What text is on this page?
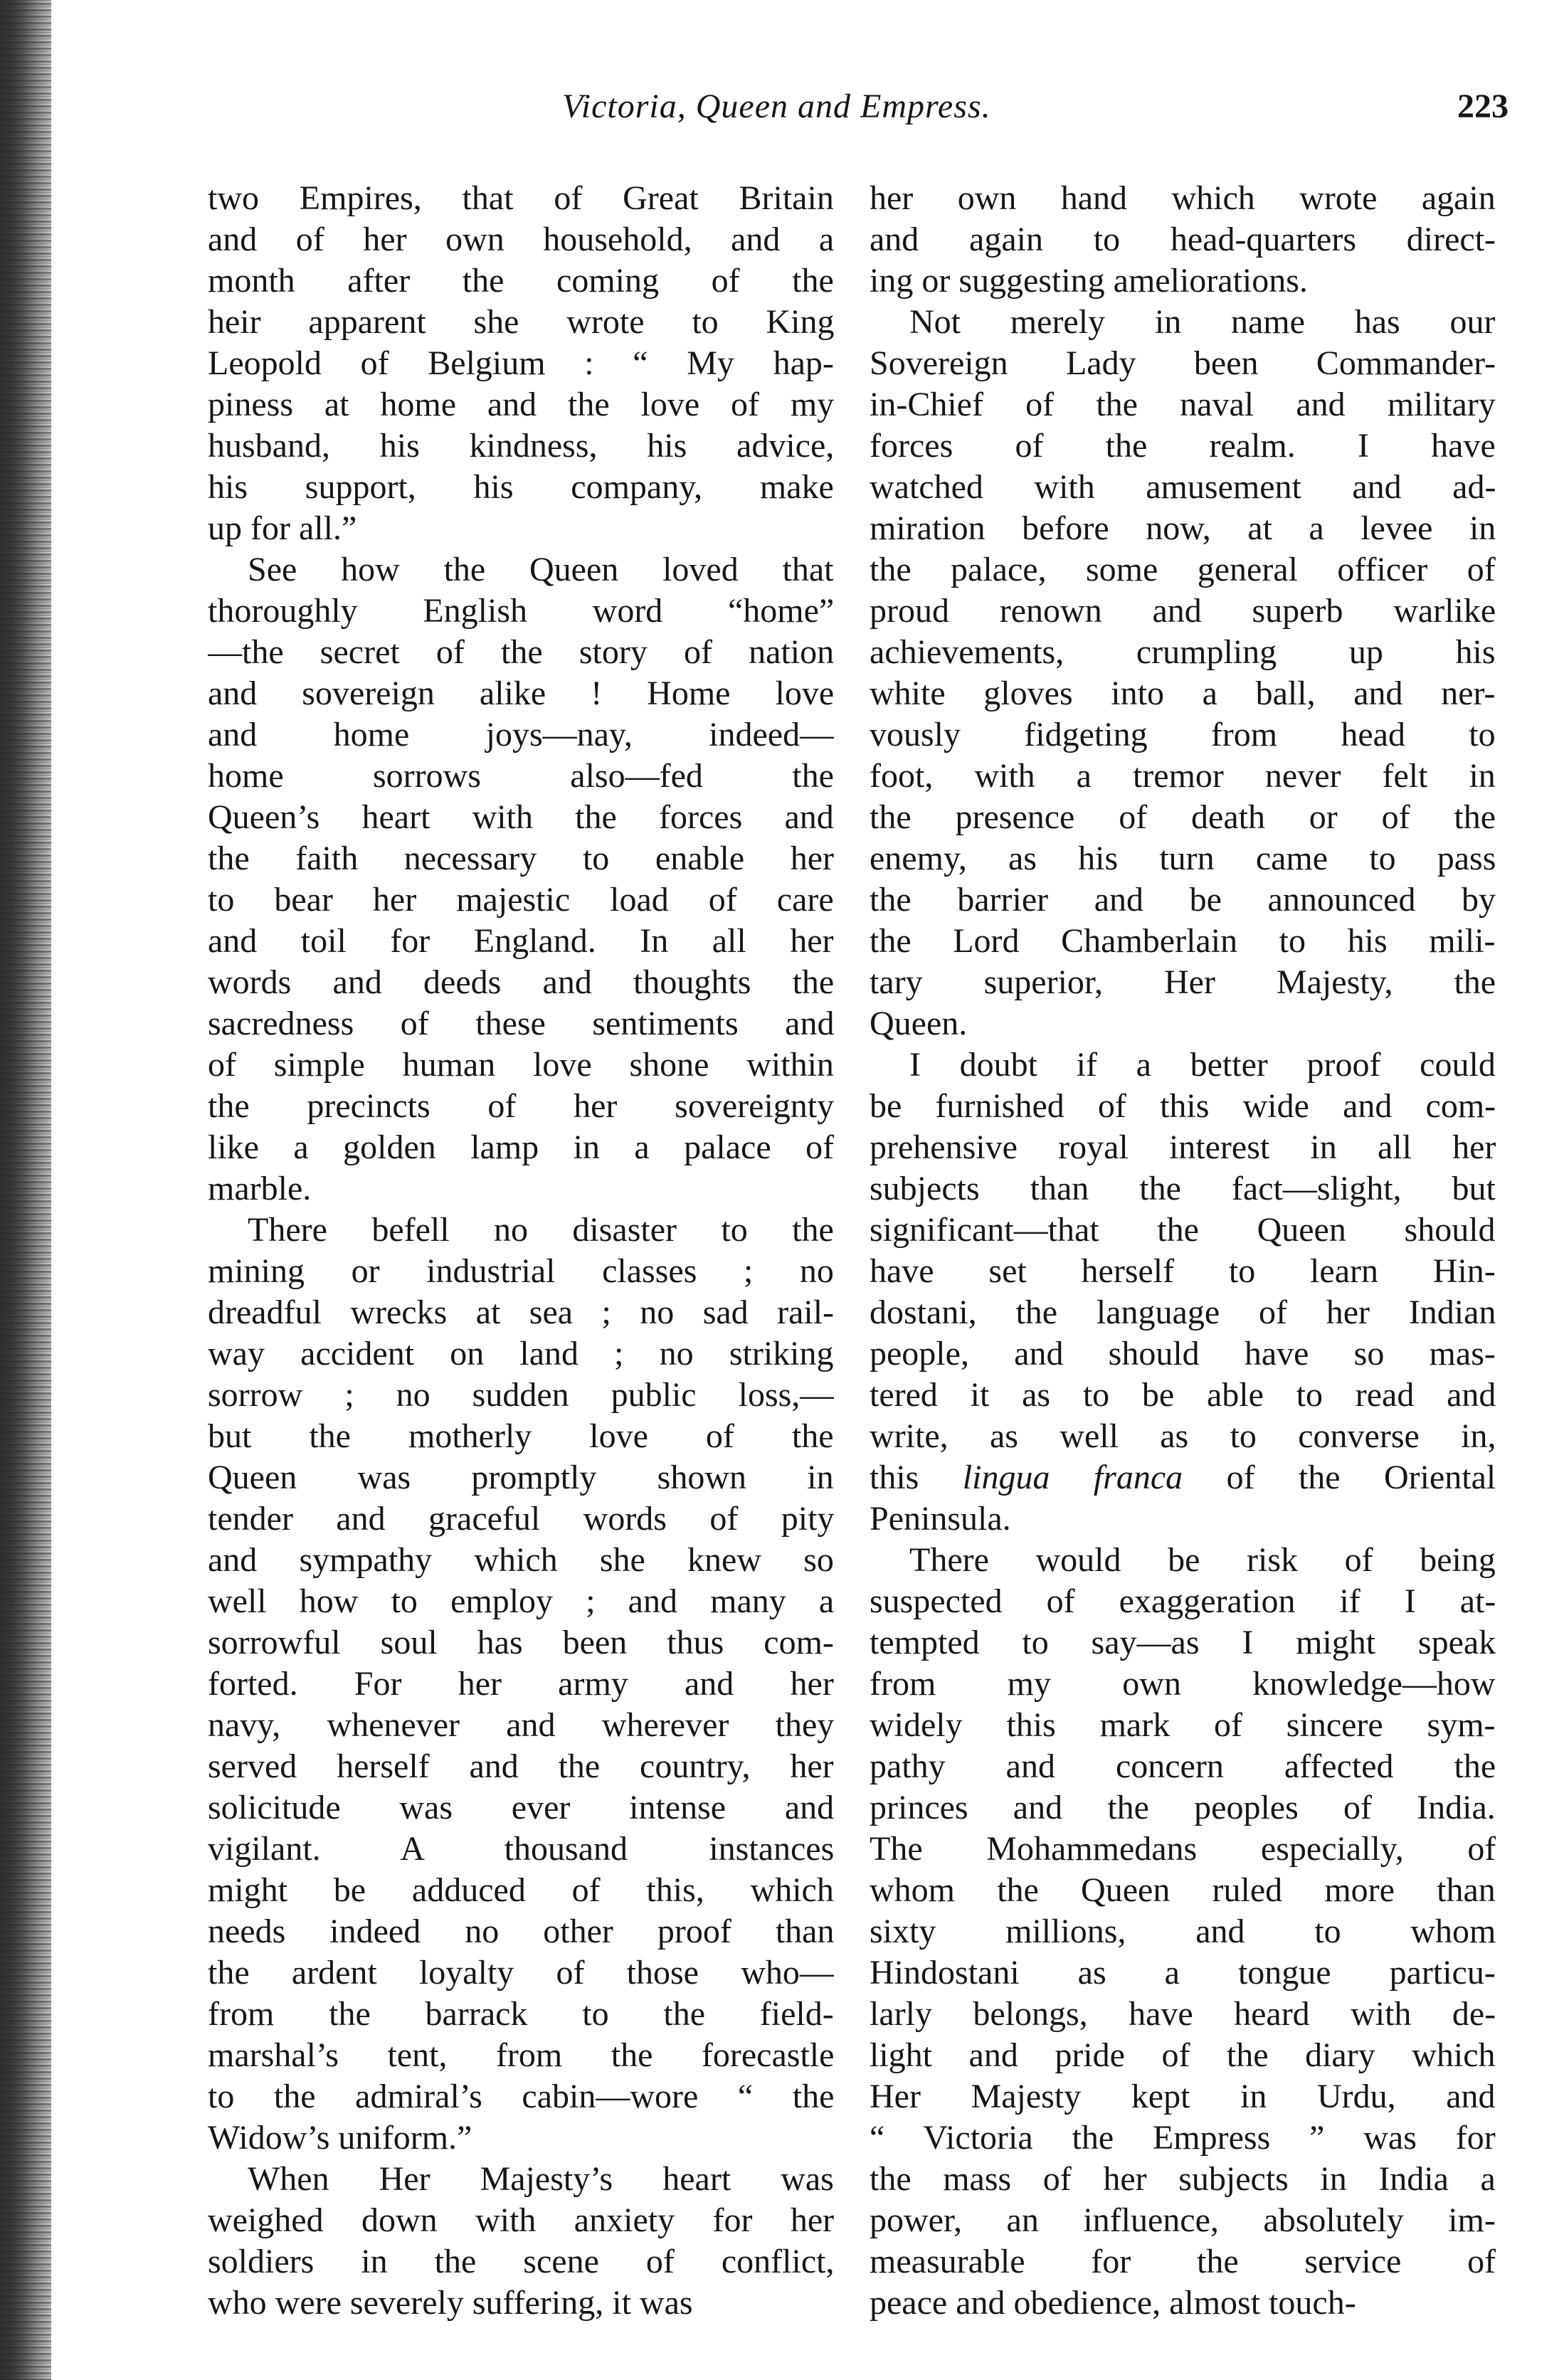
Victoria, Queen and Empress.	223
two Empires, that of Great Britain
and of her own household, and a
month after the coming of the
heir apparent she wrote to King
Leopold of Belgium : “ My hap-
piness at home and the love of my
husband, his kindness, his advice,
his support, his company, make
up for all.”
See how the Queen loved that
thoroughly English word “home”
—the secret of the story of nation
and sovereign alike ! Home love
and home joys—nay, indeed—
home sorrows also—fed the
Queen’s heart with the forces and
the faith necessary to enable her
to bear her majestic load of care
and toil for England. In all her
words and deeds and thoughts the
sacredness of these sentiments and
of simple human love shone within
the precincts of her sovereignty
like a golden lamp in a palace of
marble.
There befell no disaster to the
mining or industrial classes ; no
dreadful wrecks at sea ; no sad rail-
way accident on land ; no striking
sorrow ; no sudden public loss,—
but the motherly love of the
Queen was promptly shown in
tender and graceful words of pity
and sympathy which she knew so
well how to employ ; and many a
sorrowful soul has been thus com-
forted. For her army and her
navy, whenever and wherever they
served herself and the country, her
solicitude was ever intense and
vigilant. A thousand instances
might be adduced of this, which
needs indeed no other proof than
the ardent loyalty of those who—
from the barrack to the field-
marshal’s tent, from the forecastle
to the admiral’s cabin—wore “ the
Widow’s uniform.”
When Her Majesty’s heart was
weighed down with anxiety for her
soldiers in the scene of conflict,
who were severely suffering, it was
her own hand which wrote again
and again to head-quarters direct-
ing or suggesting ameliorations.
Not merely in name has our
Sovereign Lady been Commander-
in-Chief of the naval and military
forces of the realm. I have
watched with amusement and ad-
miration before now, at a levee in
the palace, some general officer of
proud renown and superb warlike
achievements, crumpling up his
white gloves into a ball, and ner-
vously fidgeting from head to
foot, with a tremor never felt in
the presence of death or of the
enemy, as his turn came to pass
the barrier and be announced by
the Lord Chamberlain to his mili-
tary superior, Her Majesty, the
Queen.
I doubt if a better proof could
be furnished of this wide and com-
prehensive royal interest in all her
subjects than the fact—slight, but
significant—that the Queen should
have set herself to learn Hin-
dostani, the language of her Indian
people, and should have so mas-
tered it as to be able to read and
write, as well as to converse in,
this lingua franca of the Oriental
Peninsula.
There would be risk of being
suspected of exaggeration if I at-
tempted to say—as I might speak
from my own knowledge—how
widely this mark of sincere sym-
pathy and concern affected the
princes and the peoples of India.
The Mohammedans especially, of
whom the Queen ruled more than
sixty millions, and to whom
Hindostani as a tongue particu-
larly belongs, have heard with de-
light and pride of the diary which
Her Majesty kept in Urdu, and
“ Victoria the Empress ” was for
the mass of her subjects in India a
power, an influence, absolutely im-
measurable for the service of
peace and obedience, almost touch-
